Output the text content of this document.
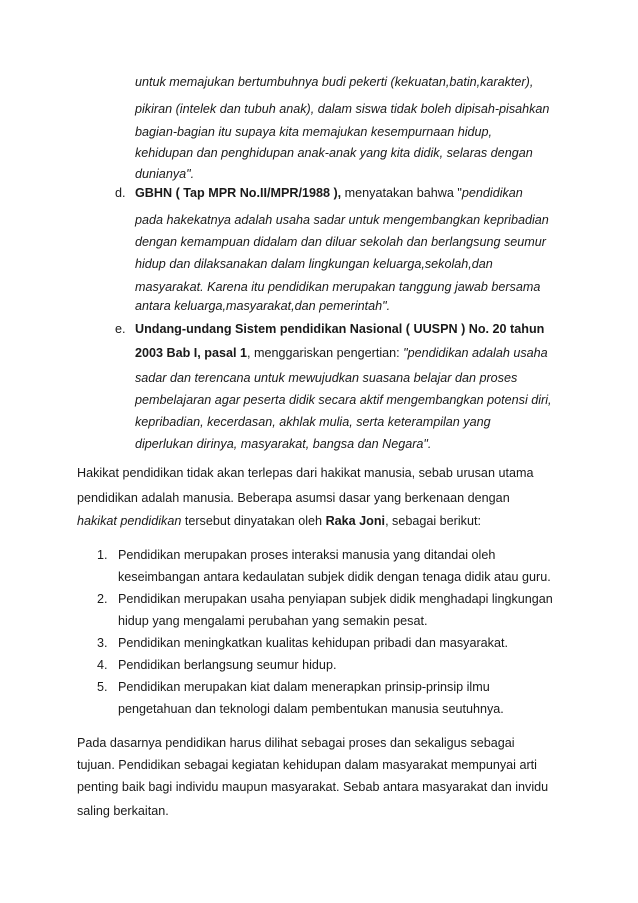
untuk memajukan bertumbuhnya budi pekerti (kekuatan,batin,karakter),
pikiran (intelek dan tubuh anak), dalam siswa tidak boleh dipisah-pisahkan
bagian-bagian itu supaya kita memajukan kesempurnaan hidup,
kehidupan dan penghidupan anak-anak yang kita didik, selaras dengan
dunianya".
d. GBHN ( Tap MPR No.II/MPR/1988 ), menyatakan bahwa "pendidikan
pada hakekatnya adalah usaha sadar untuk mengembangkan kepribadian
dengan kemampuan didalam dan diluar sekolah dan berlangsung seumur
hidup dan dilaksanakan dalam lingkungan keluarga,sekolah,dan
masyarakat. Karena itu pendidikan merupakan tanggung jawab bersama
antara keluarga,masyarakat,dan pemerintah".
e. Undang-undang Sistem pendidikan Nasional ( UUSPN ) No. 20 tahun
2003 Bab I, pasal 1, menggariskan pengertian: "pendidikan adalah usaha
sadar dan terencana untuk mewujudkan suasana belajar dan proses
pembelajaran agar peserta didik secara aktif mengembangkan potensi diri,
kepribadian, kecerdasan, akhlak mulia, serta keterampilan yang
diperlukan dirinya, masyarakat, bangsa dan Negara".
Hakikat pendidikan tidak akan terlepas dari hakikat manusia, sebab urusan utama
pendidikan adalah manusia. Beberapa asumsi dasar yang berkenaan dengan
hakikat pendidikan tersebut dinyatakan oleh Raka Joni, sebagai berikut:
1. Pendidikan merupakan proses interaksi manusia yang ditandai oleh
keseimbangan antara kedaulatan subjek didik dengan tenaga didik atau guru.
2. Pendidikan merupakan usaha penyiapan subjek didik menghadapi lingkungan
hidup yang mengalami perubahan yang semakin pesat.
3. Pendidikan meningkatkan kualitas kehidupan pribadi dan masyarakat.
4. Pendidikan berlangsung seumur hidup.
5. Pendidikan merupakan kiat dalam menerapkan prinsip-prinsip ilmu
pengetahuan dan teknologi dalam pembentukan manusia seutuhnya.
Pada dasarnya pendidikan harus dilihat sebagai proses dan sekaligus sebagai
tujuan. Pendidikan sebagai kegiatan kehidupan dalam masyarakat mempunyai arti
penting baik bagi individu maupun masyarakat. Sebab antara masyarakat dan invidu
saling berkaitan.
